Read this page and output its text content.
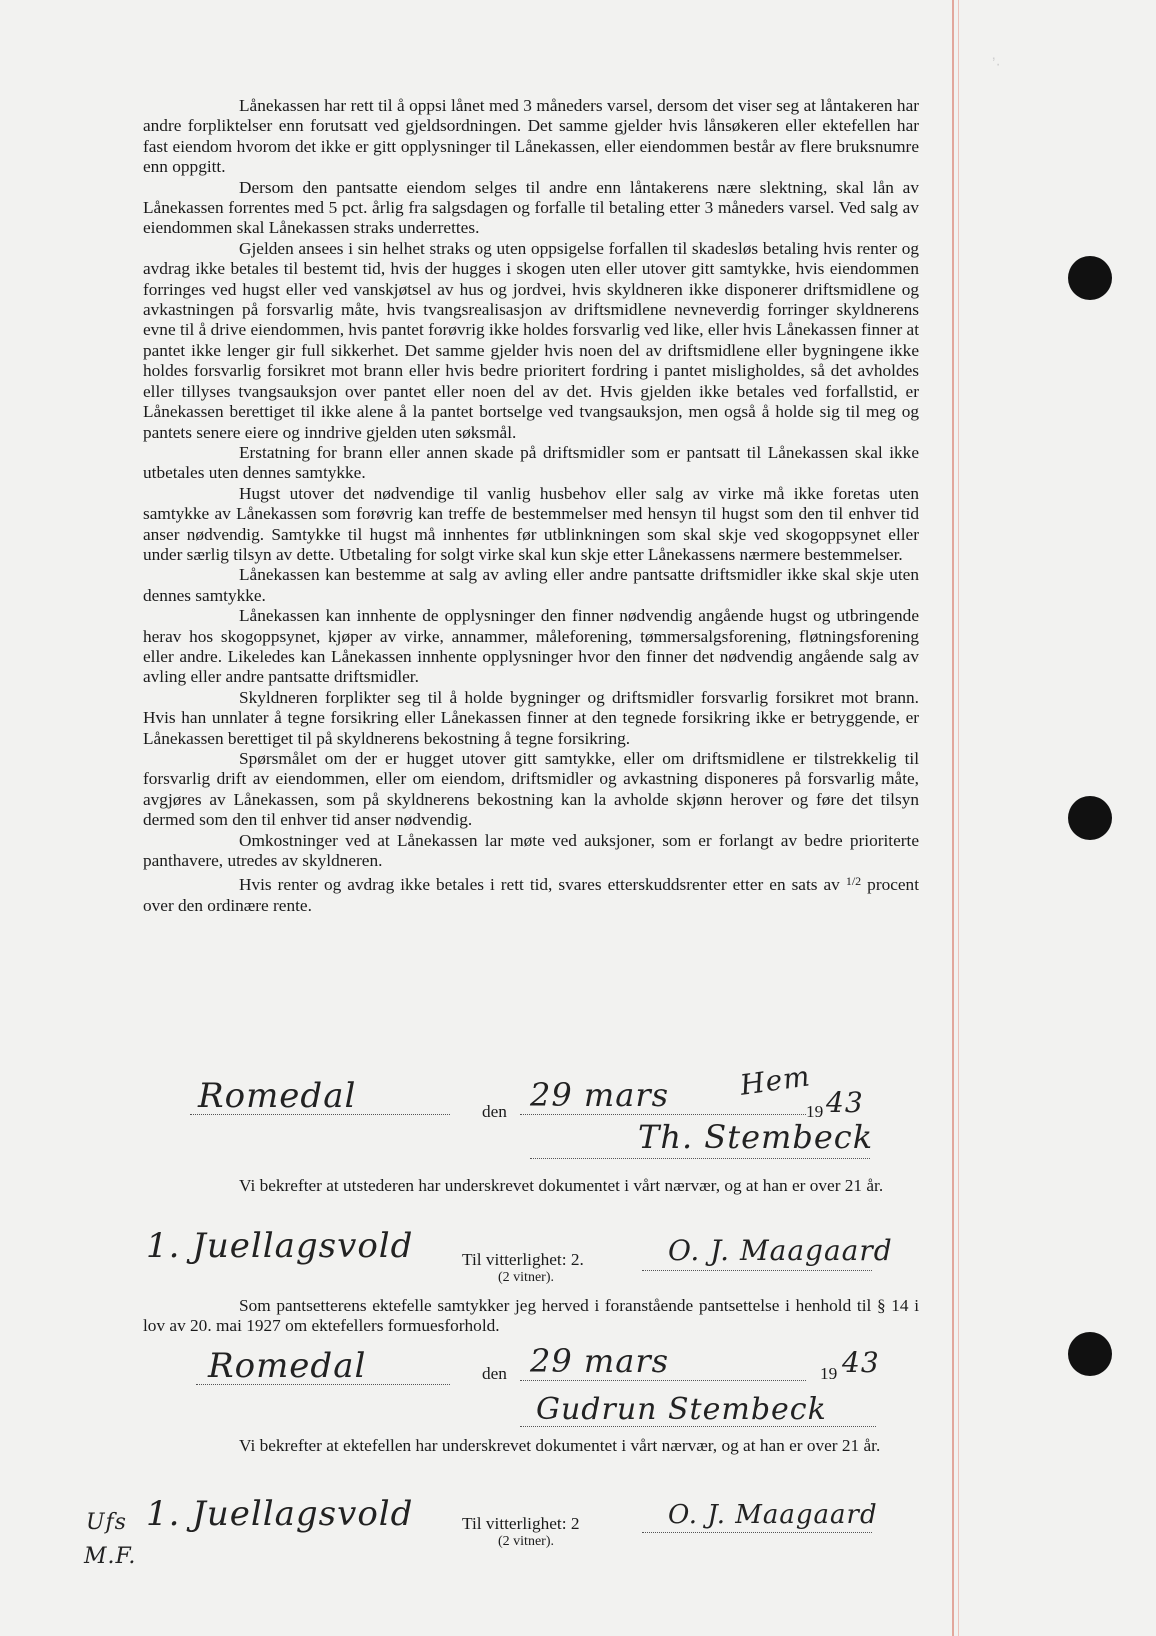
ʼ·

Lånekassen har rett til å oppsi lånet med 3 måneders varsel, dersom det viser seg at låntakeren har andre forpliktelser enn forutsatt ved gjeldsordningen. Det samme gjelder hvis lånsøkeren eller ektefellen har fast eiendom hvorom det ikke er gitt opplysninger til Lånekassen, eller eiendommen består av flere bruksnumre enn oppgitt.

Dersom den pantsatte eiendom selges til andre enn låntakerens nære slektning, skal lån av Lånekassen forrentes med 5 pct. årlig fra salgsdagen og forfalle til betaling etter 3 måneders varsel. Ved salg av eiendommen skal Lånekassen straks underrettes.

Gjelden ansees i sin helhet straks og uten oppsigelse forfallen til skadesløs betaling hvis renter og avdrag ikke betales til bestemt tid, hvis der hugges i skogen uten eller utover gitt samtykke, hvis eiendommen forringes ved hugst eller ved vanskjøtsel av hus og jordvei, hvis skyldneren ikke disponerer driftsmidlene og avkastningen på forsvarlig måte, hvis tvangsrealisasjon av driftsmidlene nevneverdig forringer skyldnerens evne til å drive eiendommen, hvis pantet forøvrig ikke holdes forsvarlig ved like, eller hvis Lånekassen finner at pantet ikke lenger gir full sikkerhet. Det samme gjelder hvis noen del av driftsmidlene eller bygningene ikke holdes forsvarlig forsikret mot brann eller hvis bedre prioritert fordring i pantet misligholdes, så det avholdes eller tillyses tvangsauksjon over pantet eller noen del av det. Hvis gjelden ikke betales ved forfallstid, er Lånekassen berettiget til ikke alene å la pantet bortselge ved tvangsauksjon, men også å holde sig til meg og pantets senere eiere og inndrive gjelden uten søksmål.

Erstatning for brann eller annen skade på driftsmidler som er pantsatt til Lånekassen skal ikke utbetales uten dennes samtykke.

Hugst utover det nødvendige til vanlig husbehov eller salg av virke må ikke foretas uten samtykke av Lånekassen som forøvrig kan treffe de bestemmelser med hensyn til hugst som den til enhver tid anser nødvendig. Samtykke til hugst må innhentes før utblinkningen som skal skje ved skogoppsynet eller under særlig tilsyn av dette. Utbetaling for solgt virke skal kun skje etter Lånekassens nærmere bestemmelser.

Lånekassen kan bestemme at salg av avling eller andre pantsatte driftsmidler ikke skal skje uten dennes samtykke.

Lånekassen kan innhente de opplysninger den finner nødvendig angående hugst og utbringende herav hos skogoppsynet, kjøper av virke, annammer, måleforening, tømmersalgsforening, fløtningsforening eller andre. Likeledes kan Lånekassen innhente opplysninger hvor den finner det nødvendig angående salg av avling eller andre pantsatte driftsmidler.

Skyldneren forplikter seg til å holde bygninger og driftsmidler forsvarlig forsikret mot brann. Hvis han unnlater å tegne forsikring eller Lånekassen finner at den tegnede forsikring ikke er betryggende, er Lånekassen berettiget til på skyldnerens bekostning å tegne forsikring.

Spørsmålet om der er hugget utover gitt samtykke, eller om driftsmidlene er tilstrekkelig til forsvarlig drift av eiendommen, eller om eiendom, driftsmidler og avkastning disponeres på forsvarlig måte, avgjøres av Lånekassen, som på skyldnerens bekostning kan la avholde skjønn herover og føre det tilsyn dermed som den til enhver tid anser nødvendig.

Omkostninger ved at Lånekassen lar møte ved auksjoner, som er forlangt av bedre prioriterte panthavere, utredes av skyldneren.

Hvis renter og avdrag ikke betales i rett tid, svares etterskuddsrenter etter en sats av $^{1/2}$ procent over den ordinære rente.

Romedal	den 29 mars	19 43
Hem
Th. Stembeck

Vi bekrefter at utstederen har underskrevet dokumentet i vårt nærvær, og at han er over 21 år.

1. Juellagsvold	Til vitterlighet: 2.
(2 vitner).
O. J. Maagaard

Som pantsetterens ektefelle samtykker jeg herved i foranstående pantsettelse i henhold til § 14 i lov av 20. mai 1927 om ektefellers formuesforhold.

Romedal	den 29 mars	19 43
Gudrun Stembeck

Vi bekrefter at ektefellen har underskrevet dokumentet i vårt nærvær, og at han er over 21 år.

1. Juellagsvold	Til vitterlighet: 2
(2 vitner).
O. J. Maagaard
Ufs
M.F.
